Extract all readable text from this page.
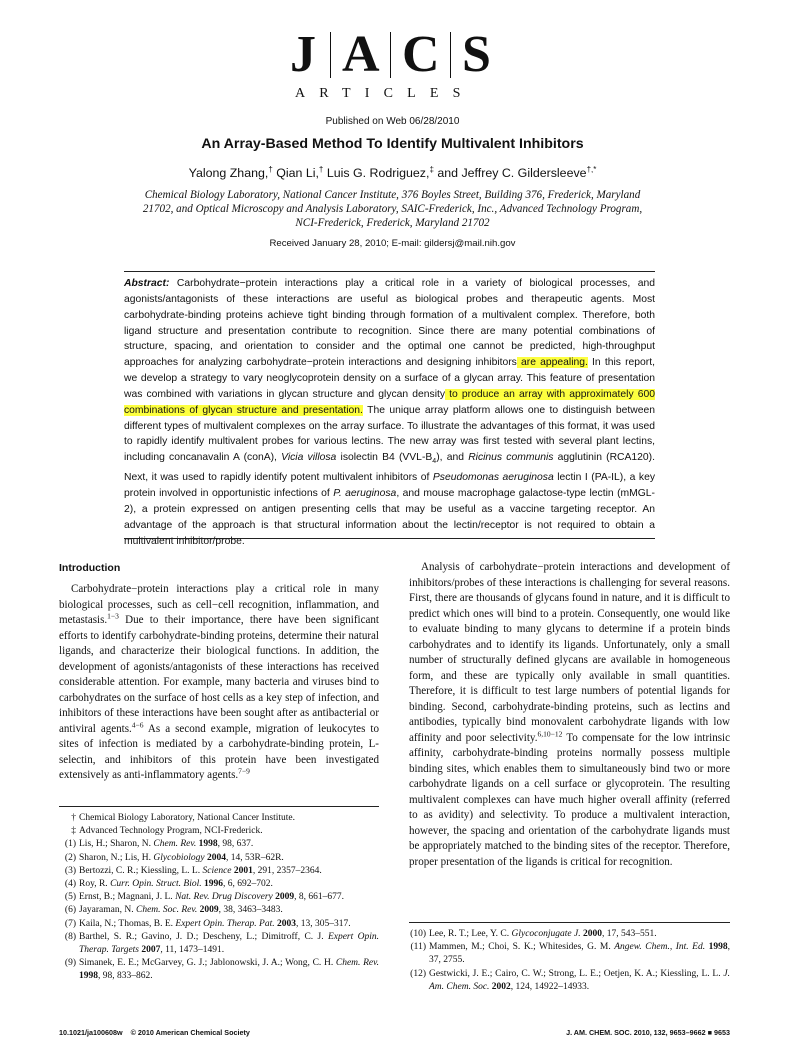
J A C S
ARTICLES
Published on Web 06/28/2010
An Array-Based Method To Identify Multivalent Inhibitors
Yalong Zhang,† Qian Li,† Luis G. Rodriguez,‡ and Jeffrey C. Gildersleeve†,*
Chemical Biology Laboratory, National Cancer Institute, 376 Boyles Street, Building 376, Frederick, Maryland 21702, and Optical Microscopy and Analysis Laboratory, SAIC-Frederick, Inc., Advanced Technology Program, NCI-Frederick, Frederick, Maryland 21702
Received January 28, 2010; E-mail: gildersj@mail.nih.gov

Abstract: Carbohydrate−protein interactions play a critical role in a variety of biological processes, and agonists/antagonists of these interactions are useful as biological probes and therapeutic agents. Most carbohydrate-binding proteins achieve tight binding through formation of a multivalent complex. Therefore, both ligand structure and presentation contribute to recognition. Since there are many potential combinations of structure, spacing, and orientation to consider and the optimal one cannot be predicted, high-throughput approaches for analyzing carbohydrate−protein interactions and designing inhibitors are appealing. In this report, we develop a strategy to vary neoglycoprotein density on a surface of a glycan array. This feature of presentation was combined with variations in glycan structure and glycan density to produce an array with approximately 600 combinations of glycan structure and presentation. The unique array platform allows one to distinguish between different types of multivalent complexes on the array surface. To illustrate the advantages of this format, it was used to rapidly identify multivalent probes for various lectins. The new array was first tested with several plant lectins, including concanavalin A (conA), Vicia villosa isolectin B4 $(VVL-B_4)$, and Ricinus communis agglutinin (RCA120). Next, it was used to rapidly identify potent multivalent inhibitors of Pseudomonas aeruginosa lectin I (PA-IL), a key protein involved in opportunistic infections of P. aeruginosa, and mouse macrophage galactose-type lectin (mMGL-2), a protein expressed on antigen presenting cells that may be useful as a vaccine targeting receptor. An advantage of the approach is that structural information about the lectin/receptor is not required to obtain a multivalent inhibitor/probe.

Introduction

Carbohydrate−protein interactions play a critical role in many biological processes, such as cell−cell recognition, inflammation, and metastasis.$^{1-3}$ Due to their importance, there have been significant efforts to identify carbohydrate-binding proteins, determine their natural ligands, and characterize their biological functions. In addition, the development of agonists/antagonists of these interactions has received considerable attention. For example, many bacteria and viruses bind to carbohydrates on the surface of host cells as a key step of infection, and inhibitors of these interactions have been sought after as antibacterial or antiviral agents.$^{4-6}$ As a second example, migration of leukocytes to sites of infection is mediated by a carbohydrate-binding protein, L-selectin, and inhibitors of this protein have been investigated extensively as anti-inflammatory agents.$^{7-9}$

Analysis of carbohydrate−protein interactions and development of inhibitors/probes of these interactions is challenging for several reasons. First, there are thousands of glycans found in nature, and it is difficult to predict which ones will bind to a protein. Consequently, one would like to evaluate binding to many glycans to determine if a protein binds carbohydrates and to identify its ligands. Unfortunately, only a small number of structurally defined glycans are available in homogeneous form, and these are typically only available in small quantities. Therefore, it is difficult to test large numbers of potential ligands for binding. Second, carbohydrate-binding proteins, such as lectins and antibodies, typically bind monovalent carbohydrate ligands with low affinity and poor selectivity.$^{6,10-12}$ To compensate for the low intrinsic affinity, carbohydrate-binding proteins normally possess multiple binding sites, which enables them to simultaneously bind two or more carbohydrate ligands on a cell surface or glycoprotein. The resulting multivalent complexes can have much higher overall affinity (referred to as avidity) and selectivity. To produce a multivalent interaction, however, the spacing and orientation of the carbohydrate ligands must be appropriately matched to the binding sites of the receptor. Therefore, proper presentation of the ligands is critical for recognition.

† Chemical Biology Laboratory, National Cancer Institute.
‡ Advanced Technology Program, NCI-Frederick.
(1) Lis, H.; Sharon, N. Chem. Rev. 1998, 98, 637.
(2) Sharon, N.; Lis, H. Glycobiology 2004, 14, 53R–62R.
(3) Bertozzi, C. R.; Kiessling, L. L. Science 2001, 291, 2357–2364.
(4) Roy, R. Curr. Opin. Struct. Biol. 1996, 6, 692–702.
(5) Ernst, B.; Magnani, J. L. Nat. Rev. Drug Discovery 2009, 8, 661–677.
(6) Jayaraman, N. Chem. Soc. Rev. 2009, 38, 3463–3483.
(7) Kaila, N.; Thomas, B. E. Expert Opin. Therap. Pat. 2003, 13, 305–317.
(8) Barthel, S. R.; Gavino, J. D.; Descheny, L.; Dimitroff, C. J. Expert Opin. Therap. Targets 2007, 11, 1473–1491.
(9) Simanek, E. E.; McGarvey, G. J.; Jablonowski, J. A.; Wong, C. H. Chem. Rev. 1998, 98, 833–862.
(10) Lee, R. T.; Lee, Y. C. Glycoconjugate J. 2000, 17, 543–551.
(11) Mammen, M.; Choi, S. K.; Whitesides, G. M. Angew. Chem., Int. Ed. 1998, 37, 2755.
(12) Gestwicki, J. E.; Cairo, C. W.; Strong, L. E.; Oetjen, K. A.; Kiessling, L. L. J. Am. Chem. Soc. 2002, 124, 14922–14933.
10.1021/ja100608w © 2010 American Chemical Society	J. AM. CHEM. SOC. 2010, 132, 9653–9662 ■ 9653
